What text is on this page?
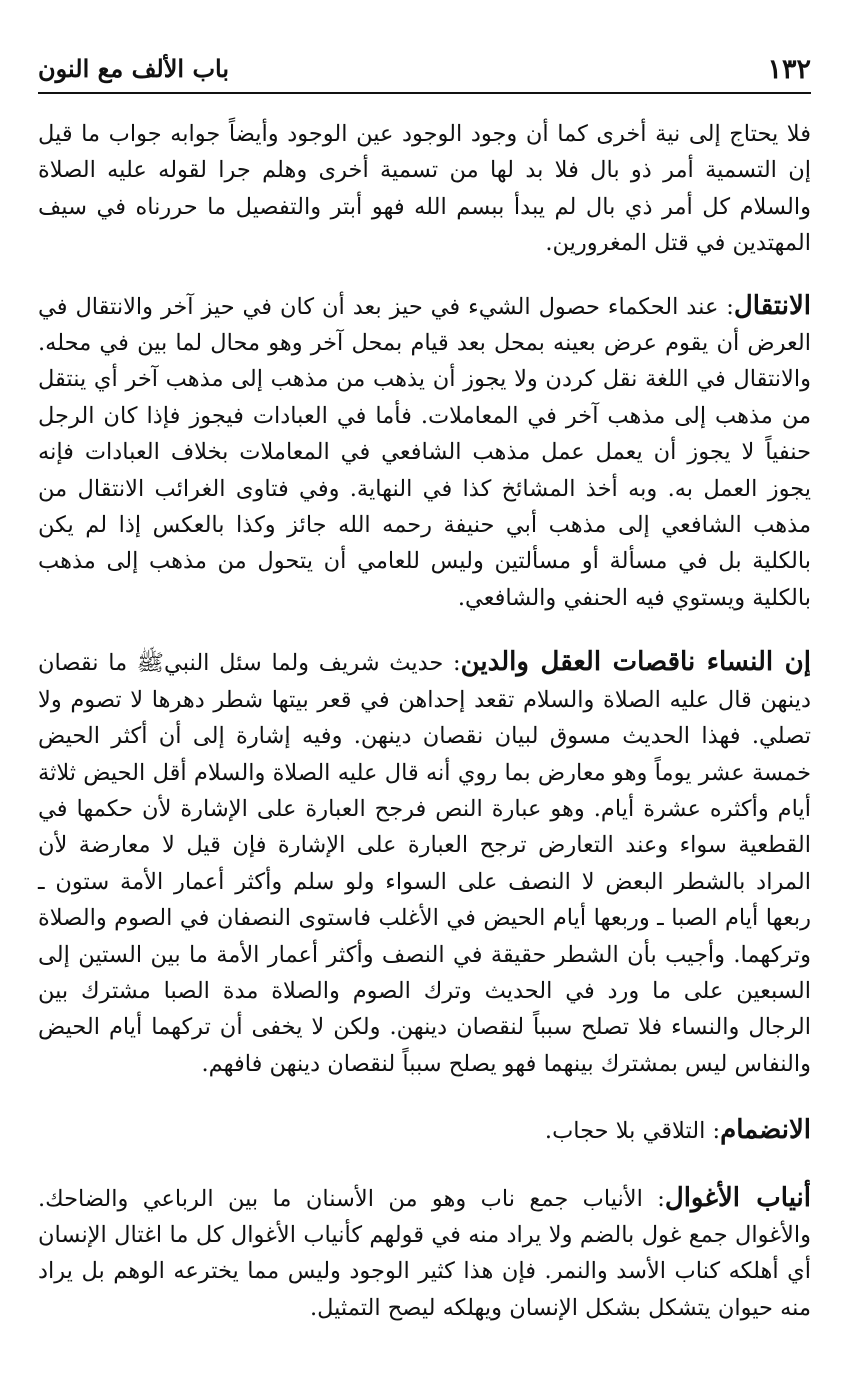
١٣٢
باب الألف مع النون

فلا يحتاج إلى نية أخرى كما أن وجود الوجود عين الوجود وأيضاً جوابه جواب ما قيل إن التسمية أمر ذو بال فلا بد لها من تسمية أخرى وهلم جرا لقوله عليه الصلاة والسلام كل أمر ذي بال لم يبدأ ببسم الله فهو أبتر والتفصيل ما حررناه في سيف المهتدين في قتل المغرورين.

الانتقال: عند الحكماء حصول الشيء في حيز بعد أن كان في حيز آخر والانتقال في العرض أن يقوم عرض بعينه بمحل بعد قيام بمحل آخر وهو محال لما بين في محله. والانتقال في اللغة نقل كردن ولا يجوز أن يذهب من مذهب إلى مذهب آخر أي ينتقل من مذهب إلى مذهب آخر في المعاملات. فأما في العبادات فيجوز فإذا كان الرجل حنفياً لا يجوز أن يعمل عمل مذهب الشافعي في المعاملات بخلاف العبادات فإنه يجوز العمل به. وبه أخذ المشائخ كذا في النهاية. وفي فتاوى الغرائب الانتقال من مذهب الشافعي إلى مذهب أبي حنيفة رحمه الله جائز وكذا بالعكس إذا لم يكن بالكلية بل في مسألة أو مسألتين وليس للعامي أن يتحول من مذهب إلى مذهب بالكلية ويستوي فيه الحنفي والشافعي.

إن النساء ناقصات العقل والدين: حديث شريف ولما سئل النبيﷺ ما نقصان دينهن قال عليه الصلاة والسلام تقعد إحداهن في قعر بيتها شطر دهرها لا تصوم ولا تصلي. فهذا الحديث مسوق لبيان نقصان دينهن. وفيه إشارة إلى أن أكثر الحيض خمسة عشر يوماً وهو معارض بما روي أنه قال عليه الصلاة والسلام أقل الحيض ثلاثة أيام وأكثره عشرة أيام. وهو عبارة النص فرجح العبارة على الإشارة لأن حكمها في القطعية سواء وعند التعارض ترجح العبارة على الإشارة فإن قيل لا معارضة لأن المراد بالشطر البعض لا النصف على السواء ولو سلم وأكثر أعمار الأمة ستون ـ ربعها أيام الصبا ـ وربعها أيام الحيض في الأغلب فاستوى النصفان في الصوم والصلاة وتركهما. وأجيب بأن الشطر حقيقة في النصف وأكثر أعمار الأمة ما بين الستين إلى السبعين على ما ورد في الحديث وترك الصوم والصلاة مدة الصبا مشترك بين الرجال والنساء فلا تصلح سبباً لنقصان دينهن. ولكن لا يخفى أن تركهما أيام الحيض والنفاس ليس بمشترك بينهما فهو يصلح سبباً لنقصان دينهن فافهم.

الانضمام: التلاقي بلا حجاب.

أنياب الأغوال: الأنياب جمع ناب وهو من الأسنان ما بين الرباعي والضاحك. والأغوال جمع غول بالضم ولا يراد منه في قولهم كأنياب الأغوال كل ما اغتال الإنسان أي أهلكه كناب الأسد والنمر. فإن هذا كثير الوجود وليس مما يخترعه الوهم بل يراد منه حيوان يتشكل بشكل الإنسان ويهلكه ليصح التمثيل.
